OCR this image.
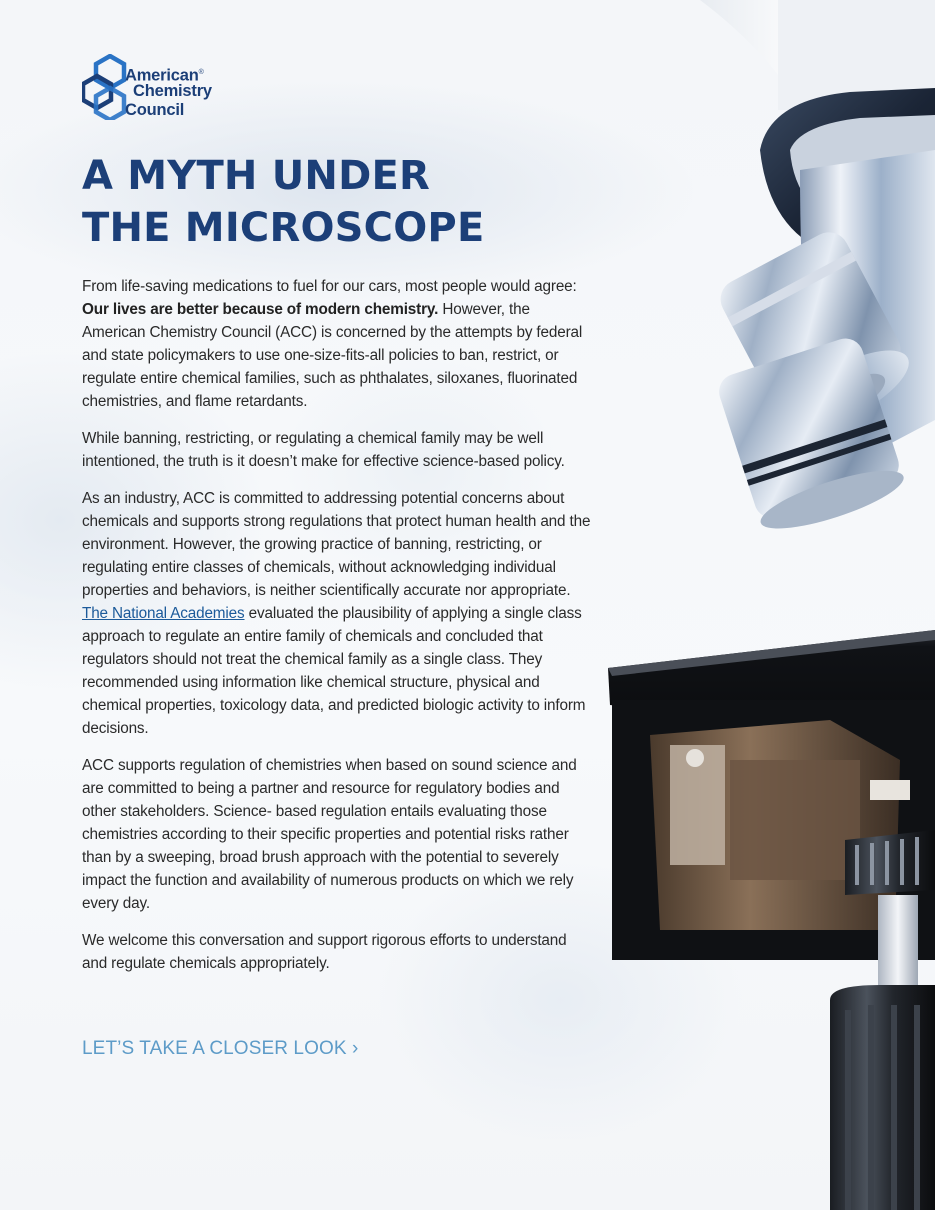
American®
Chemistry
Council
A MYTH UNDER
THE MICROSCOPE

From life-saving medications to fuel for our cars, most people would agree: Our lives are better because of modern chemistry. However, the American Chemistry Council (ACC) is concerned by the attempts by federal and state policymakers to use one-size-fits-all policies to ban, restrict, or regulate entire chemical families, such as phthalates, siloxanes, fluorinated chemistries, and flame retardants.

While banning, restricting, or regulating a chemical family may be well intentioned, the truth is it doesn’t make for effective science-based policy.

As an industry, ACC is committed to addressing potential concerns about chemicals and supports strong regulations that protect human health and the environment. However, the growing practice of banning, restricting, or regulating entire classes of chemicals, without acknowledging individual properties and behaviors, is neither scientifically accurate nor appropriate. The National Academies evaluated the plausibility of applying a single class approach to regulate an entire family of chemicals and concluded that regulators should not treat the chemical family as a single class. They recommended using information like chemical structure, physical and chemical properties, toxicology data, and predicted biologic activity to inform decisions.

ACC supports regulation of chemistries when based on sound science and are committed to being a partner and resource for regulatory bodies and other stakeholders. Science- based regulation entails evaluating those chemistries according to their specific properties and potential risks rather than by a sweeping, broad brush approach with the potential to severely impact the function and availability of numerous products on which we rely every day.

We welcome this conversation and support rigorous efforts to understand and regulate chemicals appropriately.

LET’S TAKE A CLOSER LOOK ›
